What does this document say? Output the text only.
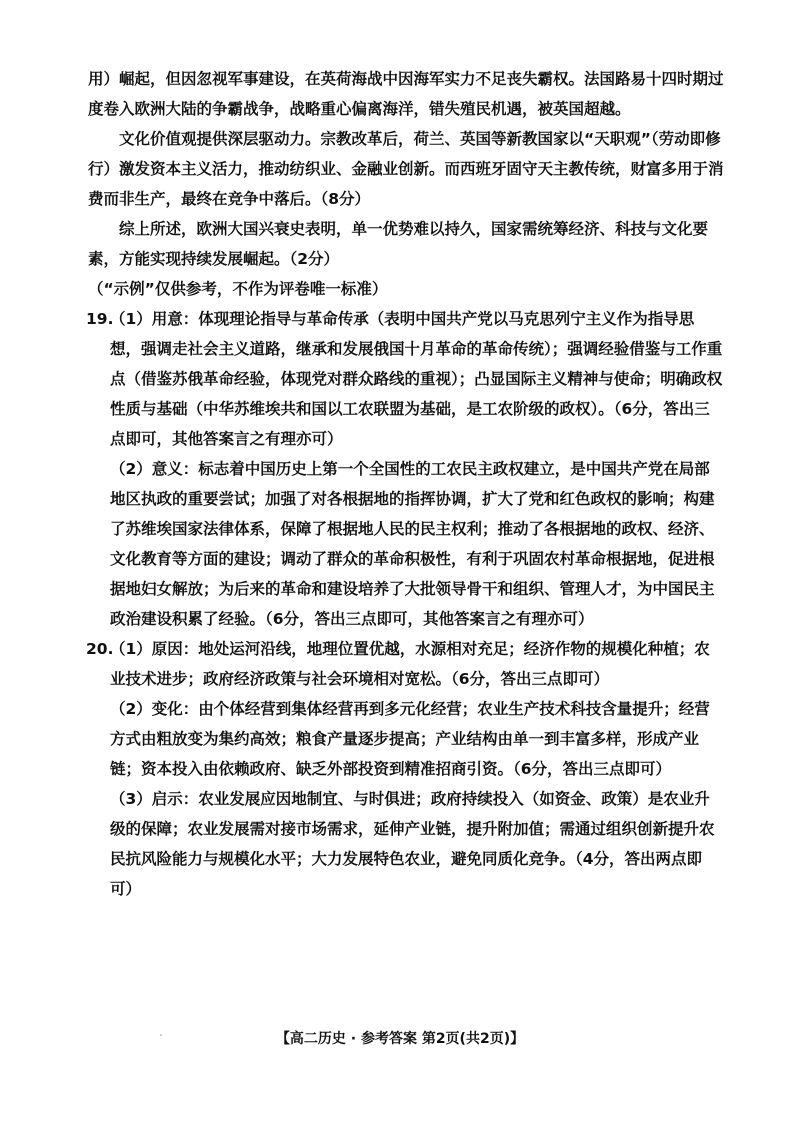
用）崛起，但因忽视军事建设，在英荷海战中因海军实力不足丧失霸权。法国路易十四时期过度卷入欧洲大陆的争霸战争，战略重心偏离海洋，错失殖民机遇，被英国超越。

文化价值观提供深层驱动力。宗教改革后，荷兰、英国等新教国家以“天职观”（劳动即修行）激发资本主义活力，推动纺织业、金融业创新。而西班牙固守天主教传统，财富多用于消费而非生产，最终在竞争中落后。（8分）

综上所述，欧洲大国兴衰史表明，单一优势难以持久，国家需统筹经济、科技与文化要素，方能实现持续发展崛起。（2分）

（“示例”仅供参考，不作为评卷唯一标准）

19.

（1）用意：体现理论指导与革命传承（表明中国共产党以马克思列宁主义作为指导思想，强调走社会主义道路，继承和发展俄国十月革命的革命传统）；强调经验借鉴与工作重点（借鉴苏俄革命经验，体现党对群众路线的重视）；凸显国际主义精神与使命；明确政权性质与基础（中华苏维埃共和国以工农联盟为基础，是工农阶级的政权）。（6分，答出三点即可，其他答案言之有理亦可）

（2）意义：标志着中国历史上第一个全国性的工农民主政权建立，是中国共产党在局部地区执政的重要尝试；加强了对各根据地的指挥协调，扩大了党和红色政权的影响；构建了苏维埃国家法律体系，保障了根据地人民的民主权利；推动了各根据地的政权、经济、文化教育等方面的建设；调动了群众的革命积极性，有利于巩固农村革命根据地，促进根据地妇女解放；为后来的革命和建设培养了大批领导骨干和组织、管理人才，为中国民主政治建设积累了经验。（6分，答出三点即可，其他答案言之有理亦可）

20.

（1）原因：地处运河沿线，地理位置优越，水源相对充足；经济作物的规模化种植；农业技术进步；政府经济政策与社会环境相对宽松。（6分，答出三点即可）

（2）变化：由个体经营到集体经营再到多元化经营；农业生产技术科技含量提升；经营方式由粗放变为集约高效；粮食产量逐步提高；产业结构由单一到丰富多样，形成产业链；资本投入由依赖政府、缺乏外部投资到精准招商引资。（6分，答出三点即可）

（3）启示：农业发展应因地制宜、与时俱进；政府持续投入（如资金、政策）是农业升级的保障；农业发展需对接市场需求，延伸产业链，提升附加值；需通过组织创新提升农民抗风险能力与规模化水平；大力发展特色农业，避免同质化竞争。（4分，答出两点即可）

【高二历史 · 参考答案 第2页(共2页)】
